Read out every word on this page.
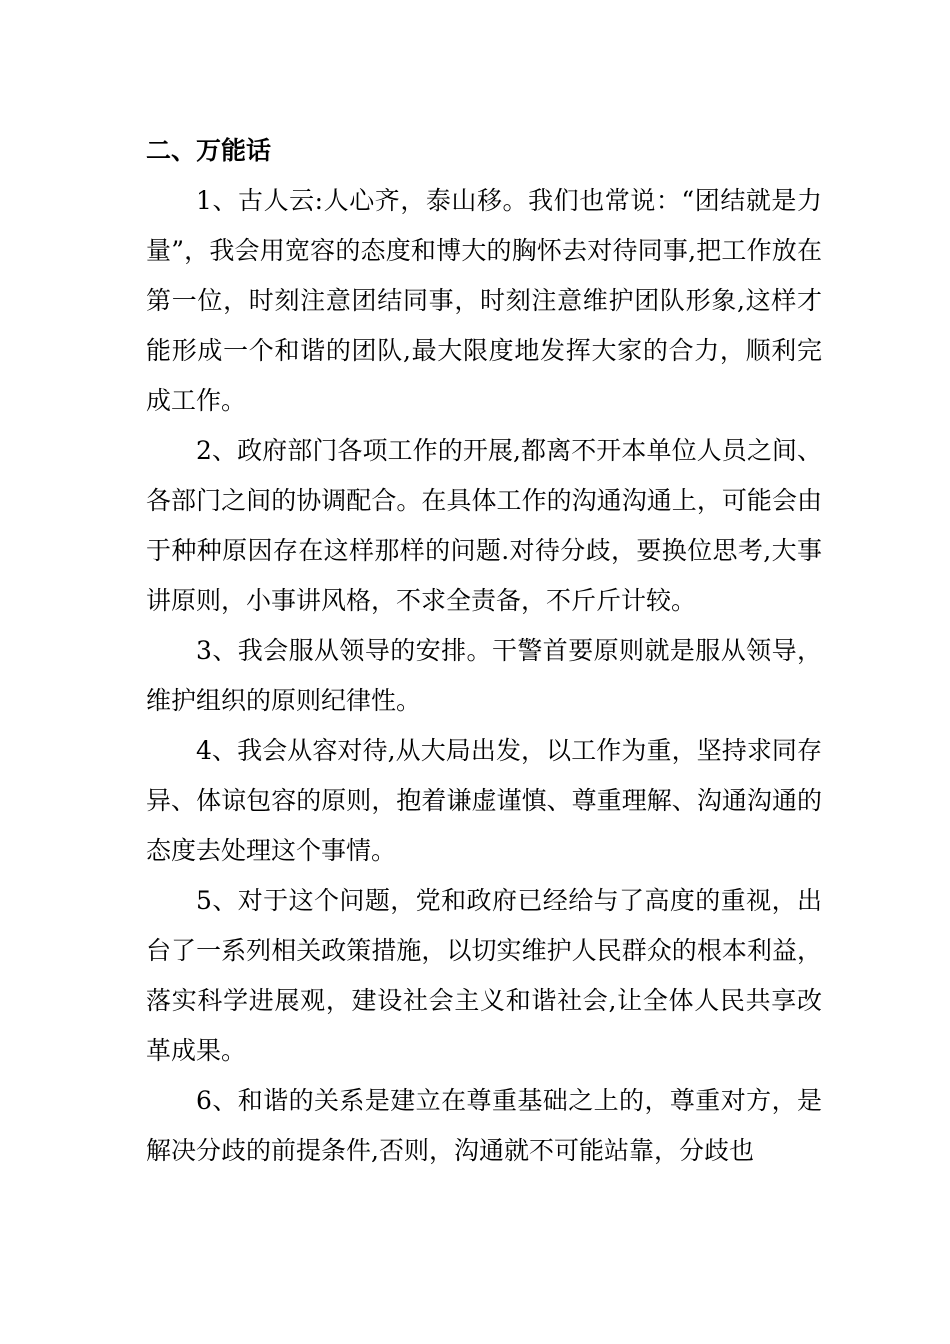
二、万能话

1、古人云:人心齐，泰山移。我们也常说：“团结就是力量”，我会用宽容的态度和博大的胸怀去对待同事,把工作放在第一位，时刻注意团结同事，时刻注意维护团队形象,这样才能形成一个和谐的团队,最大限度地发挥大家的合力，顺利完成工作。

2、政府部门各项工作的开展,都离不开本单位人员之间、各部门之间的协调配合。在具体工作的沟通沟通上，可能会由于种种原因存在这样那样的问题.对待分歧，要换位思考,大事讲原则，小事讲风格，不求全责备，不斤斤计较。

3、我会服从领导的安排。干警首要原则就是服从领导，维护组织的原则纪律性。

4、我会从容对待,从大局出发，以工作为重，坚持求同存异、体谅包容的原则，抱着谦虚谨慎、尊重理解、沟通沟通的态度去处理这个事情。

5、对于这个问题，党和政府已经给与了高度的重视，出台了一系列相关政策措施，以切实维护人民群众的根本利益，落实科学进展观，建设社会主义和谐社会,让全体人民共享改革成果。

6、和谐的关系是建立在尊重基础之上的，尊重对方，是解决分歧的前提条件,否则，沟通就不可能站靠，分歧也
